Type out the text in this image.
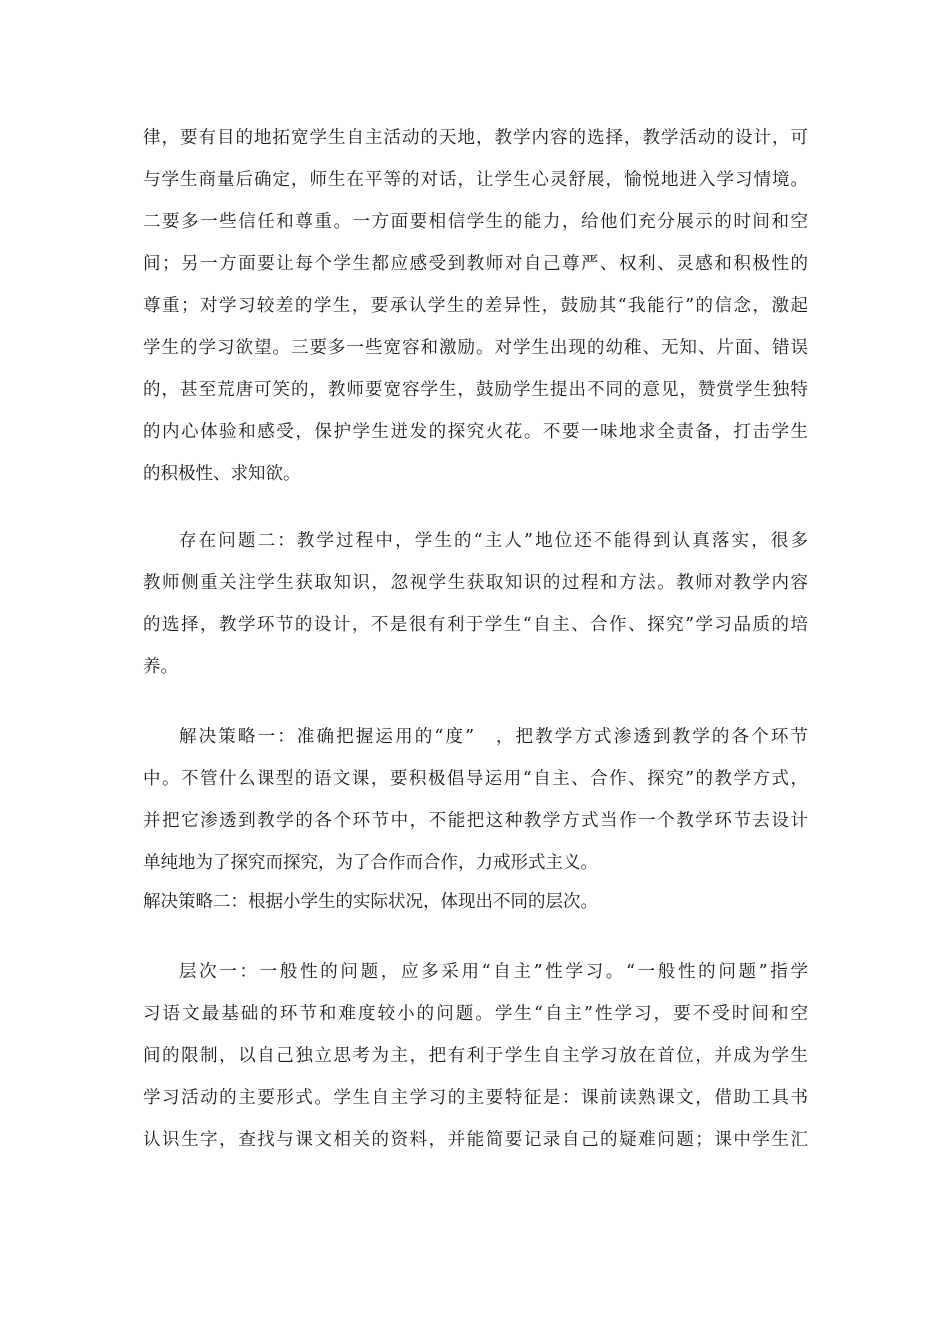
律，要有目的地拓宽学生自主活动的天地，教学内容的选择，教学活动的设计，可
与学生商量后确定，师生在平等的对话，让学生心灵舒展，愉悦地进入学习情境。
二要多一些信任和尊重。一方面要相信学生的能力，给他们充分展示的时间和空
间；另一方面要让每个学生都应感受到教师对自己尊严、权利、灵感和积极性的
尊重；对学习较差的学生，要承认学生的差异性，鼓励其“我能行”的信念，激起
学生的学习欲望。三要多一些宽容和激励。对学生出现的幼稚、无知、片面、错误
的，甚至荒唐可笑的，教师要宽容学生，鼓励学生提出不同的意见，赞赏学生独特
的内心体验和感受，保护学生迸发的探究火花。不要一味地求全责备，打击学生
的积极性、求知欲。
存在问题二：教学过程中，学生的“主人”地位还不能得到认真落实，很多
教师侧重关注学生获取知识，忽视学生获取知识的过程和方法。教师对教学内容
的选择，教学环节的设计，不是很有利于学生“自主、合作、探究”学习品质的培
养。
解决策略一：准确把握运用的“度”　，把教学方式渗透到教学的各个环节
中。不管什么课型的语文课，要积极倡导运用“自主、合作、探究”的教学方式，
并把它渗透到教学的各个环节中，不能把这种教学方式当作一个教学环节去设计
单纯地为了探究而探究，为了合作而合作，力戒形式主义。
解决策略二：根据小学生的实际状况，体现出不同的层次。
层次一：一般性的问题，应多采用“自主”性学习。“一般性的问题”指学
习语文最基础的环节和难度较小的问题。学生“自主”性学习，要不受时间和空
间的限制，以自己独立思考为主，把有利于学生自主学习放在首位，并成为学生
学习活动的主要形式。学生自主学习的主要特征是：课前读熟课文，借助工具书
认识生字，查找与课文相关的资料，并能简要记录自己的疑难问题；课中学生汇
